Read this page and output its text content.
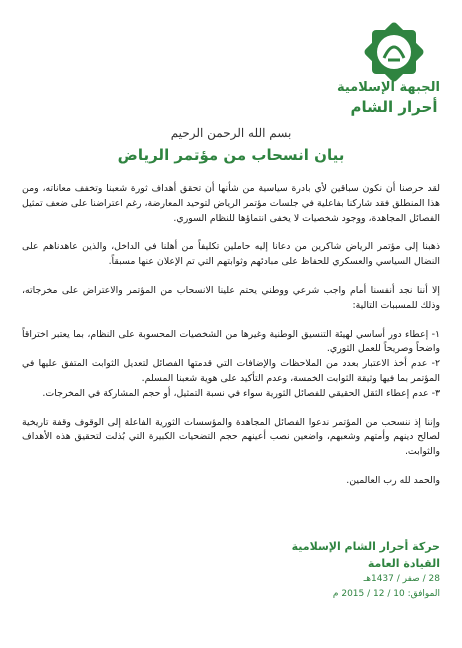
الجبهة الإسلامية
أحرار الشام
بسم الله الرحمن الرحيم
بيان انسحاب من مؤتمر الرياض

لقد حرصنا أن نكون سباقين لأي بادرة سياسية من شأنها أن تحقق أهداف ثورة شعبنا وتخفف معاناته، ومن هذا المنطلق فقد شاركنا بفاعلية في جلسات مؤتمر الرياض لتوحيد المعارضة، رغم اعتراضنا على ضعف تمثيل الفصائل المجاهدة، ووجود شخصيات لا يخفى انتماؤها للنظام السوري.

ذهبنا إلى مؤتمر الرياض شاكرين من دعانا إليه حاملين تكليفاً من أهلنا في الداخل، والذين عاهدناهم على النضال السياسي والعسكري للحفاظ على مبادئهم وثوابتهم التي تم الإعلان عنها مسبقاً.

إلا أننا نجد أنفسنا أمام واجب شرعي ووطني يحتم علينا الانسحاب من المؤتمر والاعتراض على مخرجاته، وذلك للمسببات التالية:

١- إعطاء دور أساسي لهيئة التنسيق الوطنية وغيرها من الشخصيات المحسوبة على النظام، بما يعتبر اختراقاً واضحاً وصريحاً للعمل الثوري.
٢- عدم أخذ الاعتبار بعدد من الملاحظات والإضافات التي قدمتها الفصائل لتعديل الثوابت المتفق عليها في المؤتمر بما فيها وثيقة الثوابت الخمسة، وعدم التأكيد على هوية شعبنا المسلم.
٣- عدم إعطاء الثقل الحقيقي للفصائل الثورية سواء في نسبة التمثيل، أو حجم المشاركة في المخرجات.

وإننا إذ ننسحب من المؤتمر ندعوا الفصائل المجاهدة والمؤسسات الثورية الفاعلة إلى الوقوف وقفة تاريخية لصالح دينهم وأمتهم وشعبهم، واضعين نصب أعينهم حجم التضحيات الكبيرة التي بُذلت لتحقيق هذه الأهداف والثوابت.

والحمد لله رب العالمين.

حركة أحرار الشام الإسلامية
القيادة العامة
28 / صفر / 1437هـ
الموافق: 10 / 12 / 2015 م
